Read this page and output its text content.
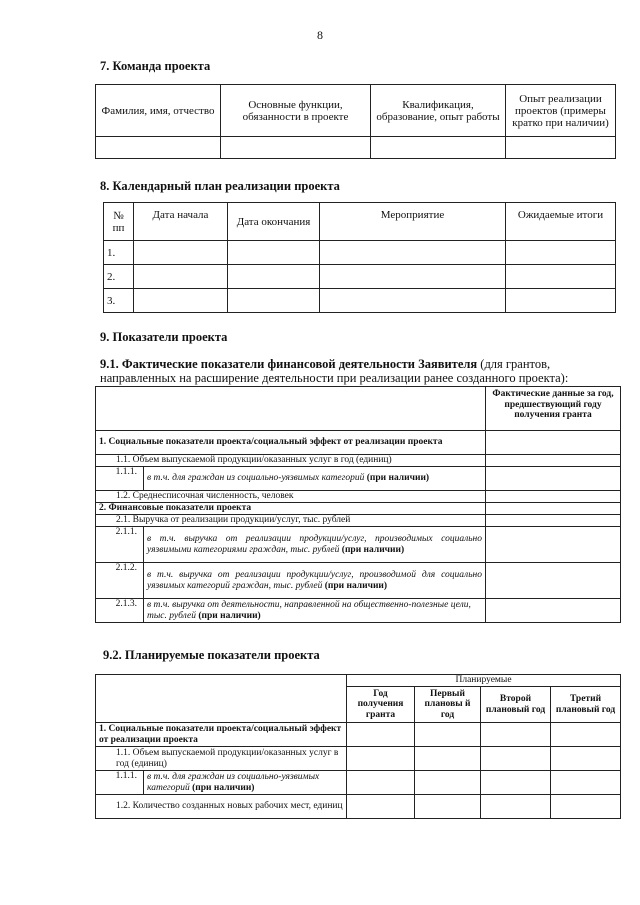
8
7. Команда проекта
Фамилия, имя, отчество	Основные функции, обязанности в проекте	Квалификация, образование, опыт работы	Опыт реализации проектов (примеры кратко при наличии)

8. Календарный план реализации проекта
№ пп	Дата начала	Дата окончания	Мероприятие	Ожидаемые итоги
1.				
2.				
3.				
9. Показатели проекта
9.1. Фактические показатели финансовой деятельности Заявителя (для грантов, направленных на расширение деятельности при реализации ранее созданного проекта):
		Фактические данные за год, предшествующий году получения гранта
1. Социальные показатели проекта/социальный эффект от реализации проекта		
1.1. Объем выпускаемой продукции/оказанных услуг в год (единиц)		
1.1.1.	в т.ч. для граждан из социально-уязвимых категорий (при наличии)	
1.2. Среднесписочная численность, человек		
2. Финансовые показатели проекта		
2.1. Выручка от реализации продукции/услуг, тыс. рублей		
2.1.1.	в т.ч. выручка от реализации продукции/услуг, производимых социально уязвимыми категориями граждан, тыс. рублей (при наличии)	
2.1.2.	в т.ч. выручка от реализации продукции/услуг, производимой для социально уязвимых категорий граждан, тыс. рублей (при наличии)	
2.1.3.	в т.ч. выручка от деятельности, направленной на общественно-полезные цели, тыс. рублей (при наличии)	
9.2. Планируемые показатели проекта
		Планируемые			
		Год получения гранта	Первый плановы й год	Второй плановый год	Третий плановый год
1. Социальные показатели проекта/социальный эффект от реализации проекта					
1.1. Объем выпускаемой продукции/оказанных услуг в год (единиц)					
1.1.1.	в т.ч. для граждан из социально-уязвимых категорий (при наличии)				
1.2. Количество созданных новых рабочих мест, единиц					
